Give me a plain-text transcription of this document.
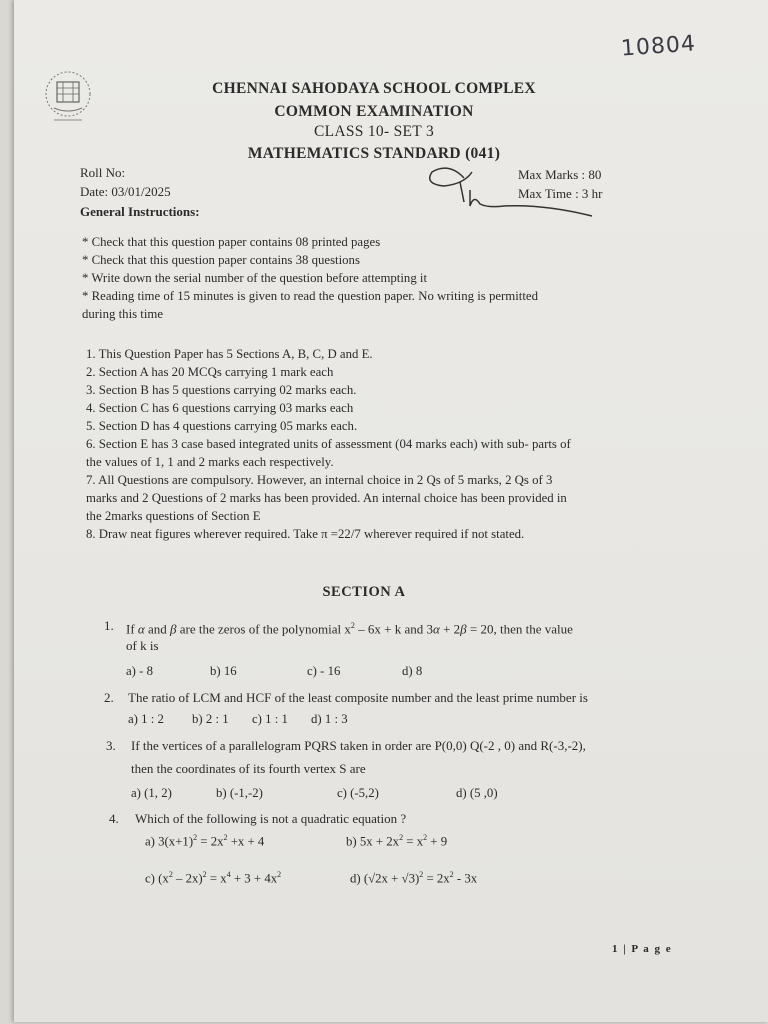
10804
CHENNAI SAHODAYA SCHOOL COMPLEX
COMMON EXAMINATION
CLASS 10- SET 3
MATHEMATICS STANDARD (041)
Roll No:
Date: 03/01/2025
General Instructions:
Max Marks : 80
Max Time : 3 hr
* Check that this question paper contains 08 printed pages
* Check that this question paper contains 38 questions
* Write down the serial number of the question before attempting it
* Reading time of 15 minutes is given to read the question paper. No writing is permitted
during this time
1. This Question Paper has 5 Sections A, B, C, D and E.
2. Section A has 20 MCQs carrying 1 mark each
3. Section B has 5 questions carrying 02 marks each.
4. Section C has 6 questions carrying 03 marks each
5. Section D has 4 questions carrying 05 marks each.
6. Section E has 3 case based integrated units of assessment (04 marks each) with sub- parts of
the values of 1, 1 and 2 marks each respectively.
7. All Questions are compulsory. However, an internal choice in 2 Qs of 5 marks, 2 Qs of 3
marks and 2 Questions of 2 marks has been provided. An internal choice has been provided in
the 2marks questions of Section E
8. Draw neat figures wherever required. Take π =22/7 wherever required if not stated.
SECTION A
1. If α and β are the zeros of the polynomial $x^2 - 6x + k$ and 3α + 2β = 20, then the value
of k is
a) - 8	b) 16	c) - 16	d) 8
2. The ratio of LCM and HCF of the least composite number and the least prime number is
a) 1 : 2 b) 2 : 1 c) 1 : 1 d) 1 : 3
3. If the vertices of a parallelogram PQRS taken in order are P(0,0) Q(-2 , 0) and R(-3,-2),
then the coordinates of its fourth vertex S are
a) (1, 2)	b) (-1,-2)	c) (-5,2)	d) (5 ,0)
4. Which of the following is not a quadratic equation ?
a) $3(x+1)^2 = 2x^2 +x + 4$	b) $5x + 2x^2 = x^2 + 9$
c) $(x^2 - 2x)^2 = x^4 + 3 + 4x^2$	d) $(√2x + √3)^2 = 2x^2 - 3x$
1 | P a g e
